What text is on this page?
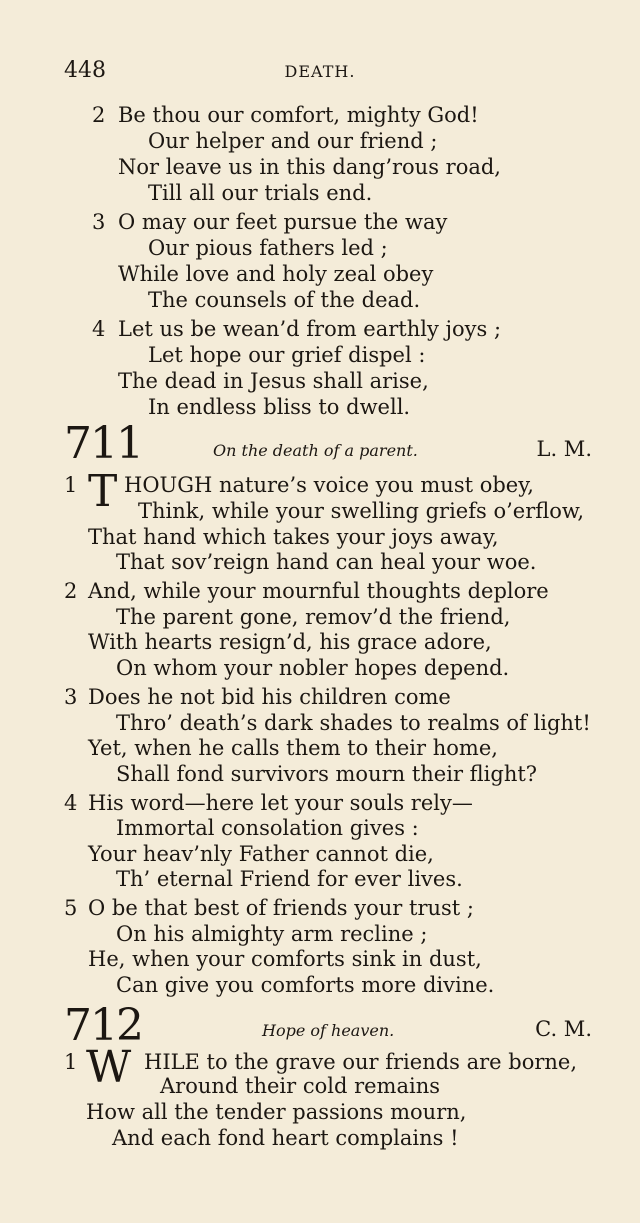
448	DEATH.
2 Be thou our comfort, mighty God!
Our helper and our friend ;
Nor leave us in this dang’rous road,
Till all our trials end.
3 O may our feet pursue the way
Our pious fathers led ;
While love and holy zeal obey
The counsels of the dead.
4 Let us be wean’d from earthly joys ;
Let hope our grief dispel :
The dead in Jesus shall arise,
In endless bliss to dwell.
711	On the death of a parent.	L. M.
1 T HOUGH nature’s voice you must obey,
Think, while your swelling griefs o’erflow,
That hand which takes your joys away,
That sov’reign hand can heal your woe.
2 And, while your mournful thoughts deplore
The parent gone, remov’d the friend,
With hearts resign’d, his grace adore,
On whom your nobler hopes depend.
3 Does he not bid his children come
Thro’ death’s dark shades to realms of light!
Yet, when he calls them to their home,
Shall fond survivors mourn their flight?
4 His word—here let your souls rely—
Immortal consolation gives :
Your heav’nly Father cannot die,
Th’ eternal Friend for ever lives.
5 O be that best of friends your trust ;
On his almighty arm recline ;
He, when your comforts sink in dust,
Can give you comforts more divine.
712	Hope of heaven.	C. M.
1 W HILE to the grave our friends are borne,
Around their cold remains
How all the tender passions mourn,
And each fond heart complains !
